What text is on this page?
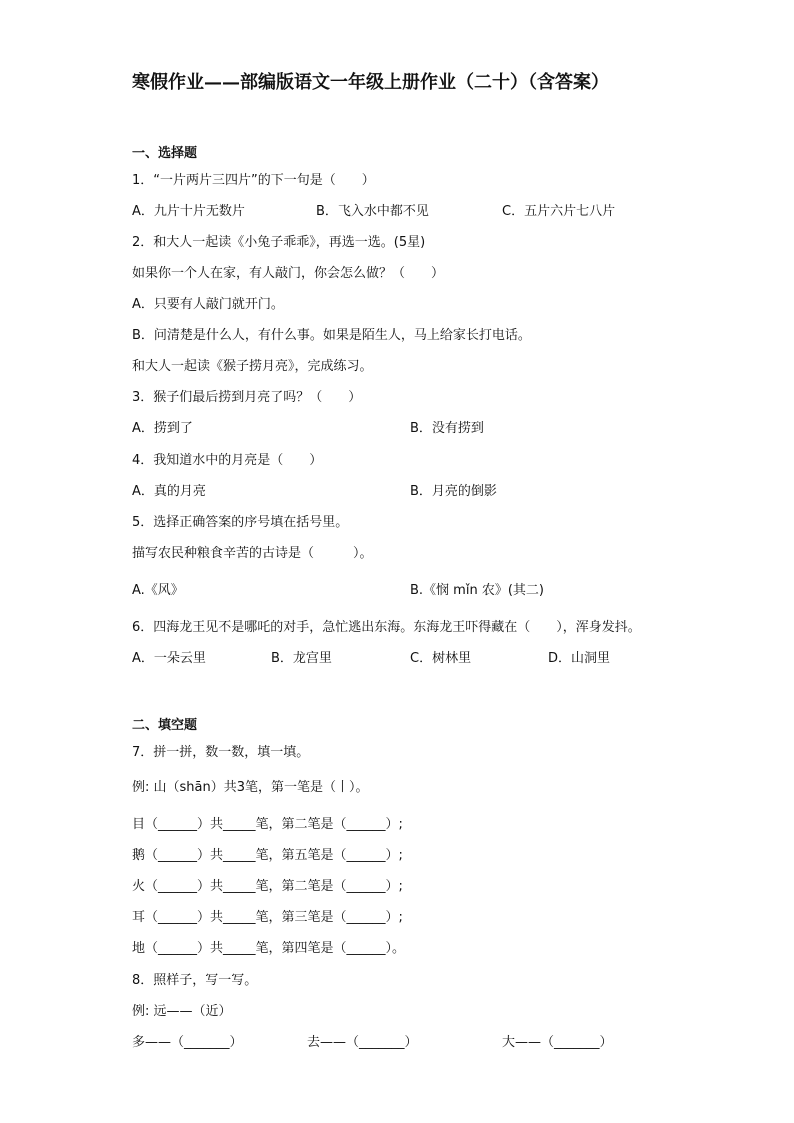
寒假作业——部编版语文一年级上册作业（二十）（含答案）
一、选择题
1．“一片两片三四片”的下一句是（　　）
A．九片十片无数片	B．飞入水中都不见	C．五片六片七八片
2．和大人一起读《小兔子乖乖》，再选一选。(5星)
如果你一个人在家，有人敲门，你会怎么做？（　　）
A．只要有人敲门就开门。
B．问清楚是什么人，有什么事。如果是陌生人，马上给家长打电话。
和大人一起读《猴子捞月亮》，完成练习。
3．猴子们最后捞到月亮了吗？（　　）
A．捞到了	B．没有捞到
4．我知道水中的月亮是（　　）
A．真的月亮	B．月亮的倒影
5．选择正确答案的序号填在括号里。
描写农民种粮食辛苦的古诗是（　　　）。
A.《风》	B.《悯 mǐn 农》(其二)
6．四海龙王见不是哪吒的对手，急忙逃出东海。东海龙王吓得藏在（　　），浑身发抖。
A．一朵云里	B．龙宫里	C．树林里	D．山洞里
二、填空题
7．拼一拼，数一数，填一填。
例: 山（shān）共3笔，第一笔是（丨）。
目（______）共_____笔，第二笔是（______）;
鹅（______）共_____笔，第五笔是（______）;
火（______）共_____笔，第二笔是（______）;
耳（______）共_____笔，第三笔是（______）;
地（______）共_____笔，第四笔是（______）。
8．照样子，写一写。
例: 远——（近）
多——（_______）	去——（_______）	大——（_______）
